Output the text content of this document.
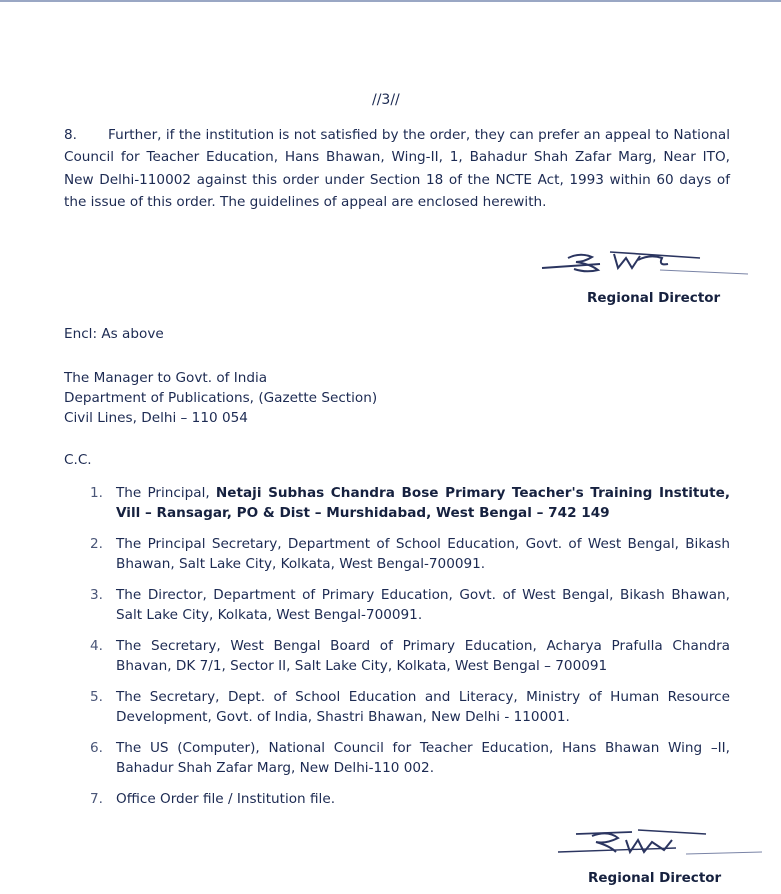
//3//
8. Further, if the institution is not satisfied by the order, they can prefer an appeal to National Council for Teacher Education, Hans Bhawan, Wing-II, 1, Bahadur Shah Zafar Marg, Near ITO, New Delhi-110002 against this order under Section 18 of the NCTE Act, 1993 within 60 days of the issue of this order. The guidelines of appeal are enclosed herewith.
Regional Director
Encl: As above
The Manager to Govt. of India
Department of Publications, (Gazette Section)
Civil Lines, Delhi – 110 054
C.C.
1. The Principal, Netaji Subhas Chandra Bose Primary Teacher's Training Institute, Vill – Ransagar, PO & Dist – Murshidabad, West Bengal – 742 149
2. The Principal Secretary, Department of School Education, Govt. of West Bengal, Bikash Bhawan, Salt Lake City, Kolkata, West Bengal-700091.
3. The Director, Department of Primary Education, Govt. of West Bengal, Bikash Bhawan, Salt Lake City, Kolkata, West Bengal-700091.
4. The Secretary, West Bengal Board of Primary Education, Acharya Prafulla Chandra Bhavan, DK 7/1, Sector II, Salt Lake City, Kolkata, West Bengal – 700091
5. The Secretary, Dept. of School Education and Literacy, Ministry of Human Resource Development, Govt. of India, Shastri Bhawan, New Delhi - 110001.
6. The US (Computer), National Council for Teacher Education, Hans Bhawan Wing –II, Bahadur Shah Zafar Marg, New Delhi-110 002.
7. Office Order file / Institution file.
Regional Director
